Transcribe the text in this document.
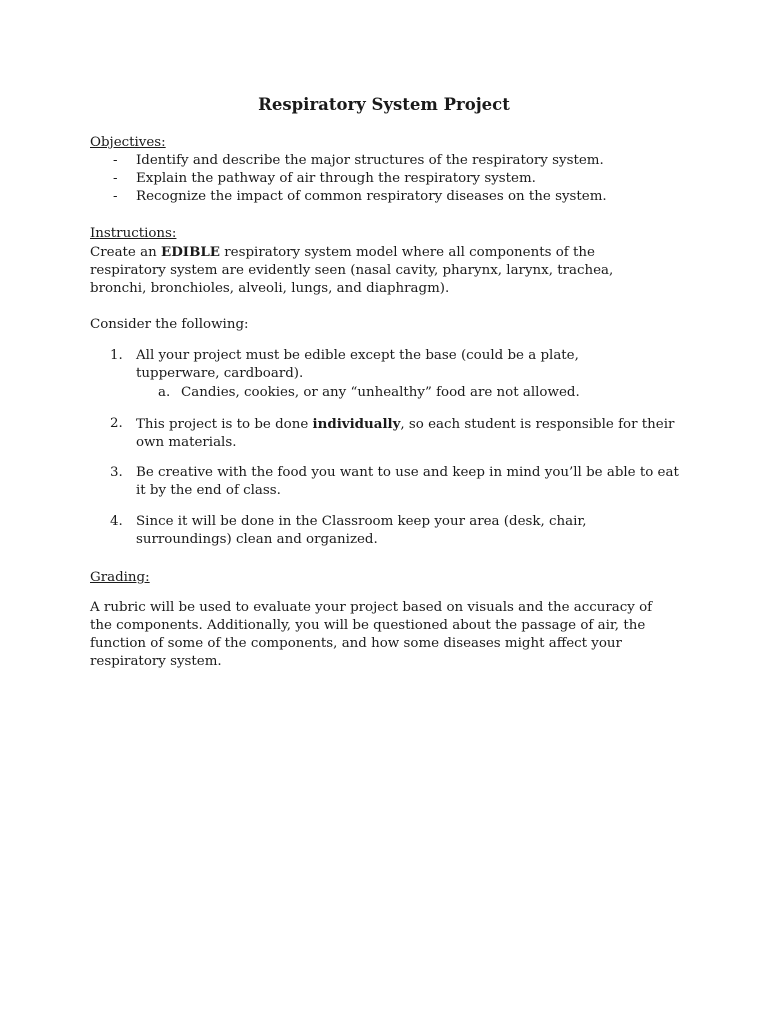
Respiratory System Project
Objectives:
-	Identify and describe the major structures of the respiratory system.
-	Explain the pathway of air through the respiratory system.
-	Recognize the impact of common respiratory diseases on the system.
Instructions:
Create an EDIBLE respiratory system model where all components of the respiratory system are evidently seen (nasal cavity, pharynx, larynx, trachea, bronchi, bronchioles, alveoli, lungs, and diaphragm).
Consider the following:
1. All your project must be edible except the base (could be a plate, tupperware, cardboard).
a. Candies, cookies, or any “unhealthy” food are not allowed.
2. This project is to be done individually, so each student is responsible for their own materials.
3. Be creative with the food you want to use and keep in mind you’ll be able to eat it by the end of class.
4. Since it will be done in the Classroom keep your area (desk, chair, surroundings) clean and organized.
Grading:
A rubric will be used to evaluate your project based on visuals and the accuracy of the components. Additionally, you will be questioned about the passage of air, the function of some of the components, and how some diseases might affect your respiratory system.
